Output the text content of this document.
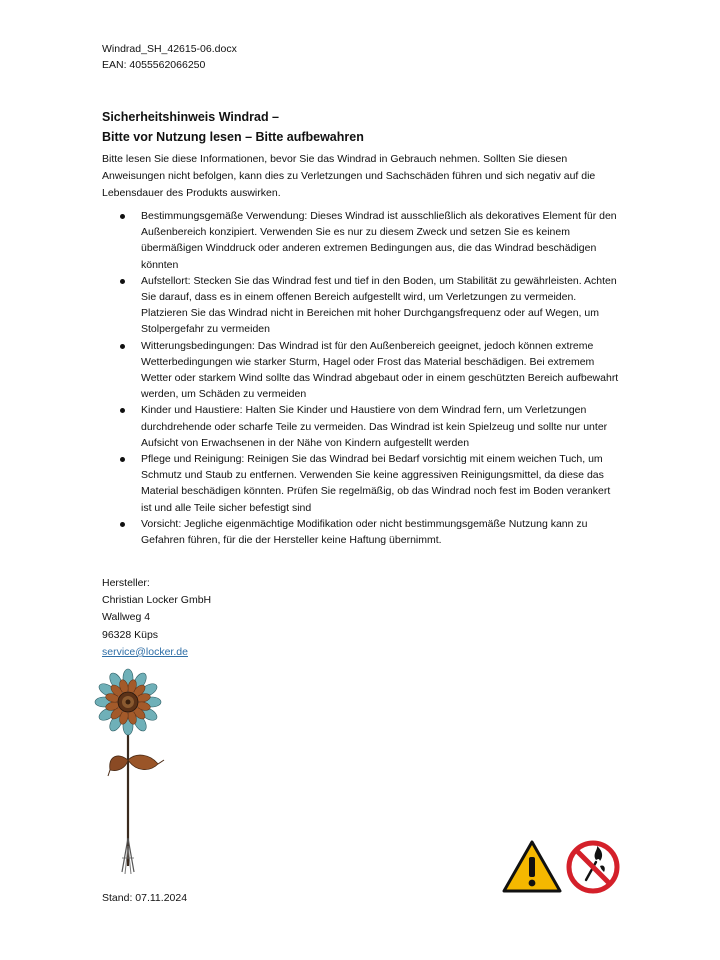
Windrad_SH_42615-06.docx
EAN: 4055562066250
Sicherheitshinweis Windrad –
Bitte vor Nutzung lesen – Bitte aufbewahren
Bitte lesen Sie diese Informationen, bevor Sie das Windrad in Gebrauch nehmen. Sollten Sie diesen Anweisungen nicht befolgen, kann dies zu Verletzungen und Sachschäden führen und sich negativ auf die Lebensdauer des Produkts auswirken.
Bestimmungsgemäße Verwendung: Dieses Windrad ist ausschließlich als dekoratives Element für den Außenbereich konzipiert. Verwenden Sie es nur zu diesem Zweck und setzen Sie es keinem übermäßigen Winddruck oder anderen extremen Bedingungen aus, die das Windrad beschädigen könnten
Aufstellort: Stecken Sie das Windrad fest und tief in den Boden, um Stabilität zu gewährleisten. Achten Sie darauf, dass es in einem offenen Bereich aufgestellt wird, um Verletzungen zu vermeiden. Platzieren Sie das Windrad nicht in Bereichen mit hoher Durchgangsfrequenz oder auf Wegen, um Stolpergefahr zu vermeiden
Witterungsbedingungen: Das Windrad ist für den Außenbereich geeignet, jedoch können extreme Wetterbedingungen wie starker Sturm, Hagel oder Frost das Material beschädigen. Bei extremem Wetter oder starkem Wind sollte das Windrad abgebaut oder in einem geschützten Bereich aufbewahrt werden, um Schäden zu vermeiden
Kinder und Haustiere: Halten Sie Kinder und Haustiere von dem Windrad fern, um Verletzungen durchdrehende oder scharfe Teile zu vermeiden. Das Windrad ist kein Spielzeug und sollte nur unter Aufsicht von Erwachsenen in der Nähe von Kindern aufgestellt werden
Pflege und Reinigung: Reinigen Sie das Windrad bei Bedarf vorsichtig mit einem weichen Tuch, um Schmutz und Staub zu entfernen. Verwenden Sie keine aggressiven Reinigungsmittel, da diese das Material beschädigen könnten. Prüfen Sie regelmäßig, ob das Windrad noch fest im Boden verankert ist und alle Teile sicher befestigt sind
Vorsicht: Jegliche eigenmächtige Modifikation oder nicht bestimmungsgemäße Nutzung kann zu Gefahren führen, für die der Hersteller keine Haftung übernimmt.
Hersteller:
Christian Locker GmbH
Wallweg 4
96328 Küps
service@locker.de
Stand: 07.11.2024
